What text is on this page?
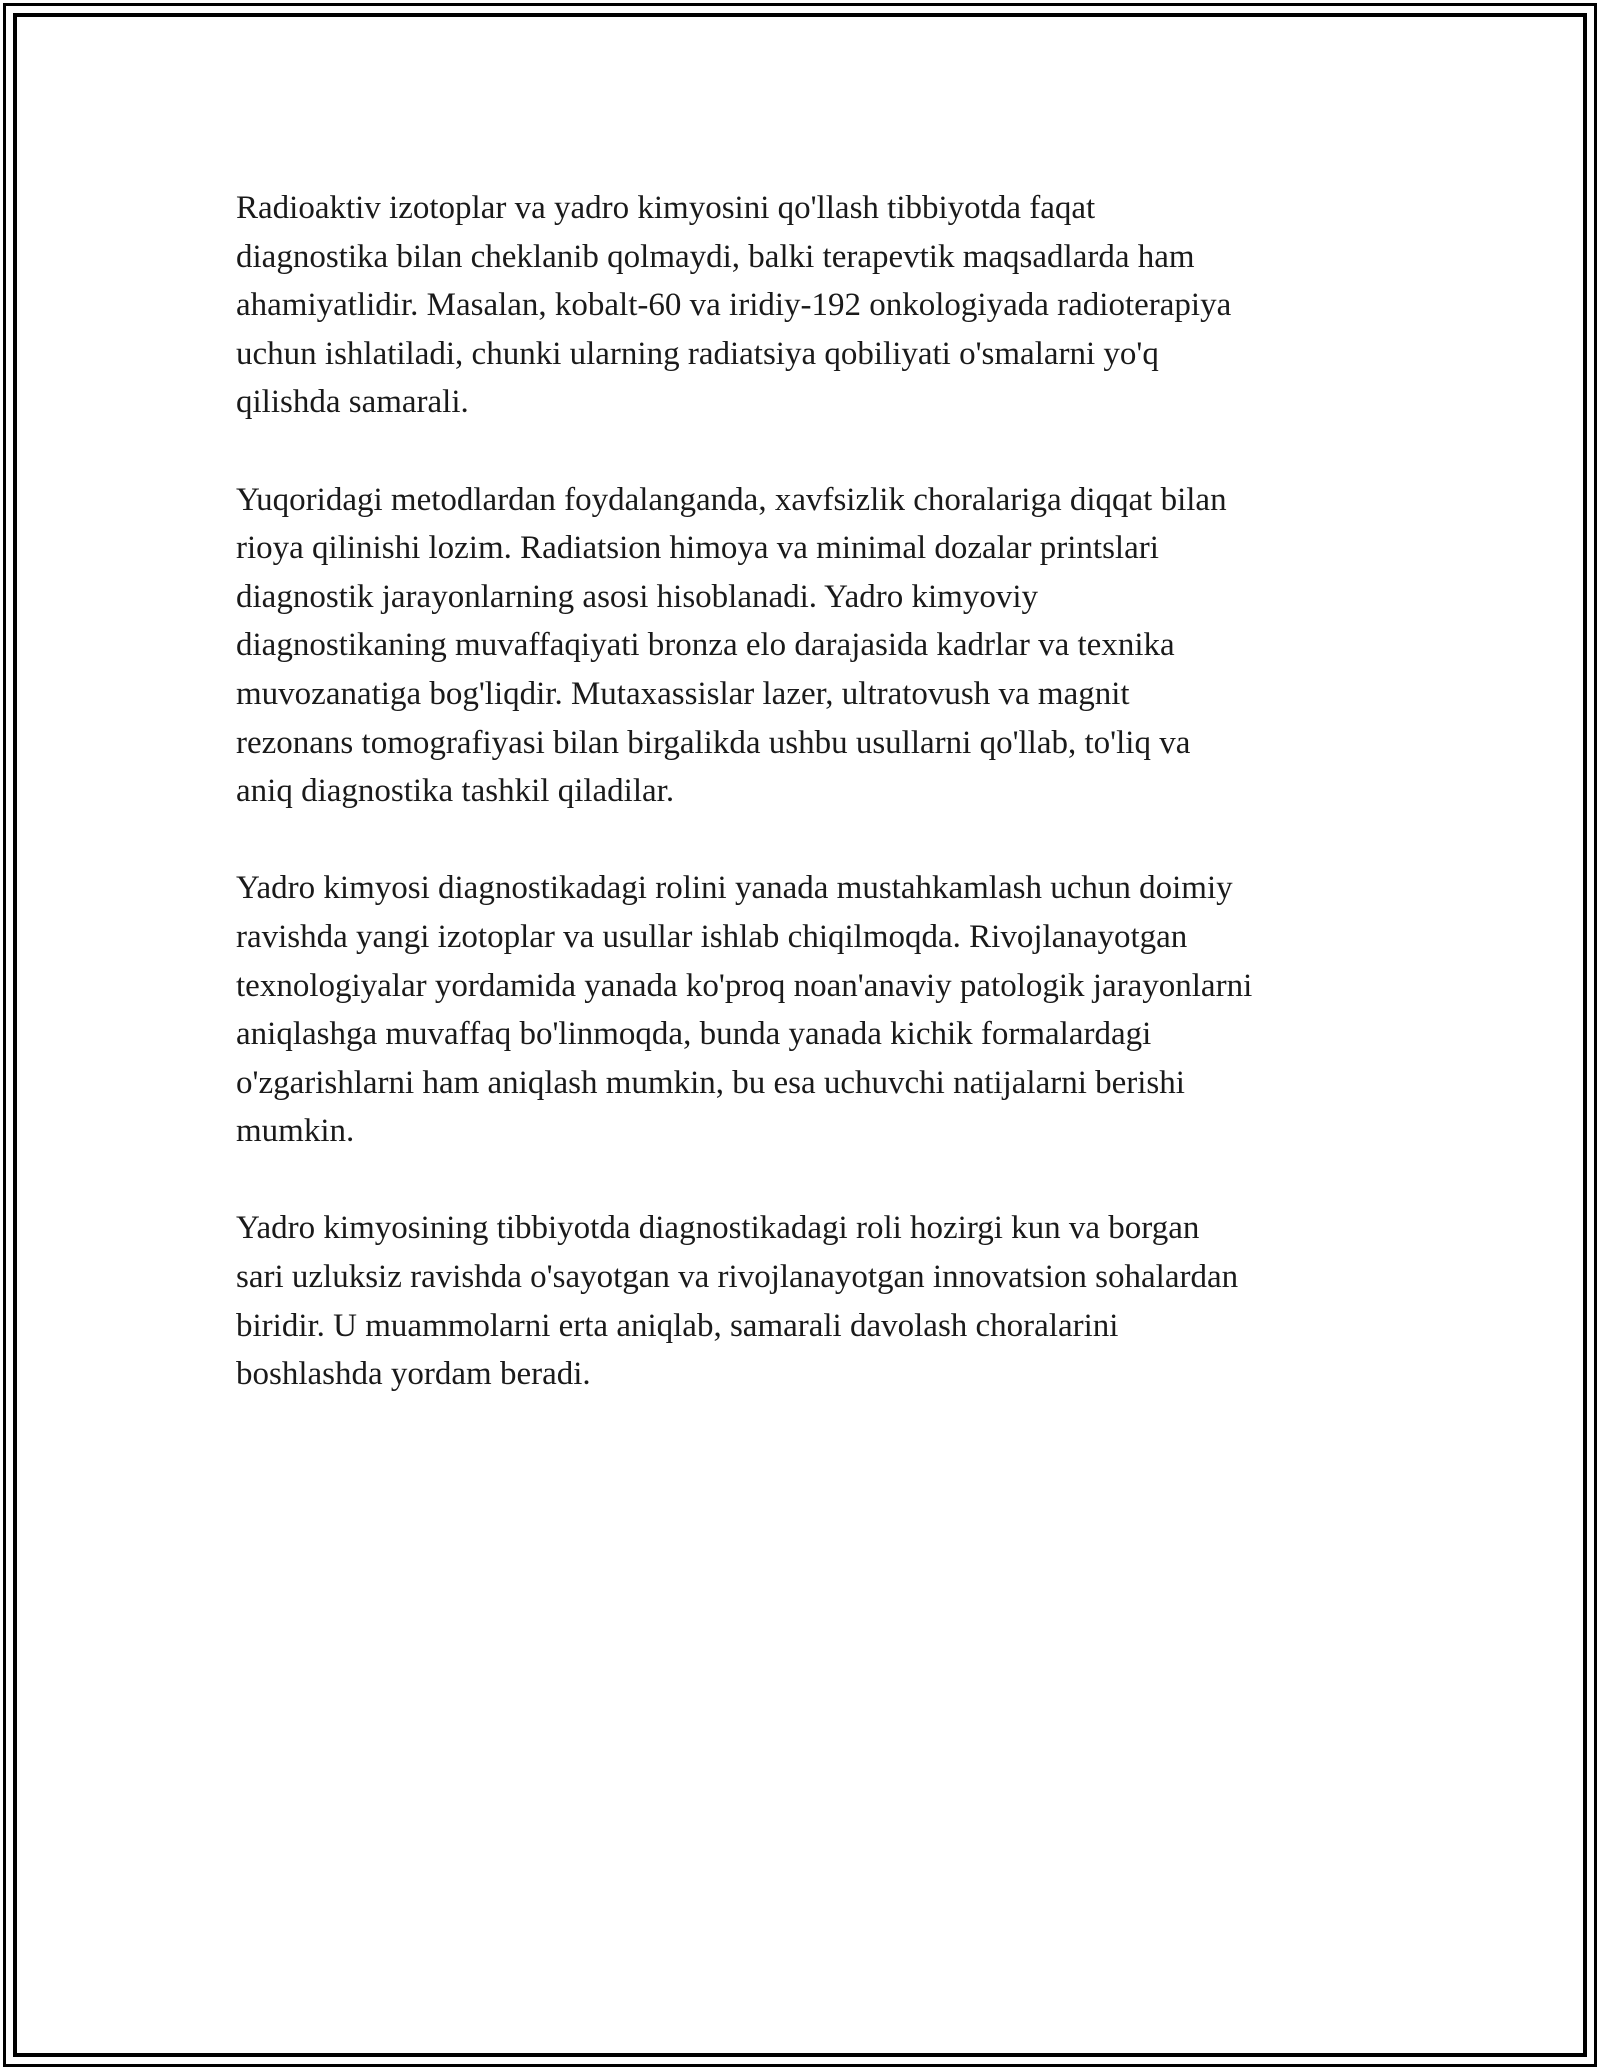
Radioaktiv izotoplar va yadro kimyosini qo'llash tibbiyotda faqat
diagnostika bilan cheklanib qolmaydi, balki terapevtik maqsadlarda ham
ahamiyatlidir. Masalan, kobalt-60 va iridiy-192 onkologiyada radioterapiya
uchun ishlatiladi, chunki ularning radiatsiya qobiliyati o'smalarni yo'q
qilishda samarali.

Yuqoridagi metodlardan foydalanganda, xavfsizlik choralariga diqqat bilan
rioya qilinishi lozim. Radiatsion himoya va minimal dozalar printslari
diagnostik jarayonlarning asosi hisoblanadi. Yadro kimyoviy
diagnostikaning muvaffaqiyati bronza elo darajasida kadrlar va texnika
muvozanatiga bog'liqdir. Mutaxassislar lazer, ultratovush va magnit
rezonans tomografiyasi bilan birgalikda ushbu usullarni qo'llab, to'liq va
aniq diagnostika tashkil qiladilar.

Yadro kimyosi diagnostikadagi rolini yanada mustahkamlash uchun doimiy
ravishda yangi izotoplar va usullar ishlab chiqilmoqda. Rivojlanayotgan
texnologiyalar yordamida yanada ko'proq noan'anaviy patologik jarayonlarni
aniqlashga muvaffaq bo'linmoqda, bunda yanada kichik formalardagi
o'zgarishlarni ham aniqlash mumkin, bu esa uchuvchi natijalarni berishi
mumkin.

Yadro kimyosining tibbiyotda diagnostikadagi roli hozirgi kun va borgan
sari uzluksiz ravishda o'sayotgan va rivojlanayotgan innovatsion sohalardan
biridir. U muammolarni erta aniqlab, samarali davolash choralarini
boshlashda yordam beradi.
